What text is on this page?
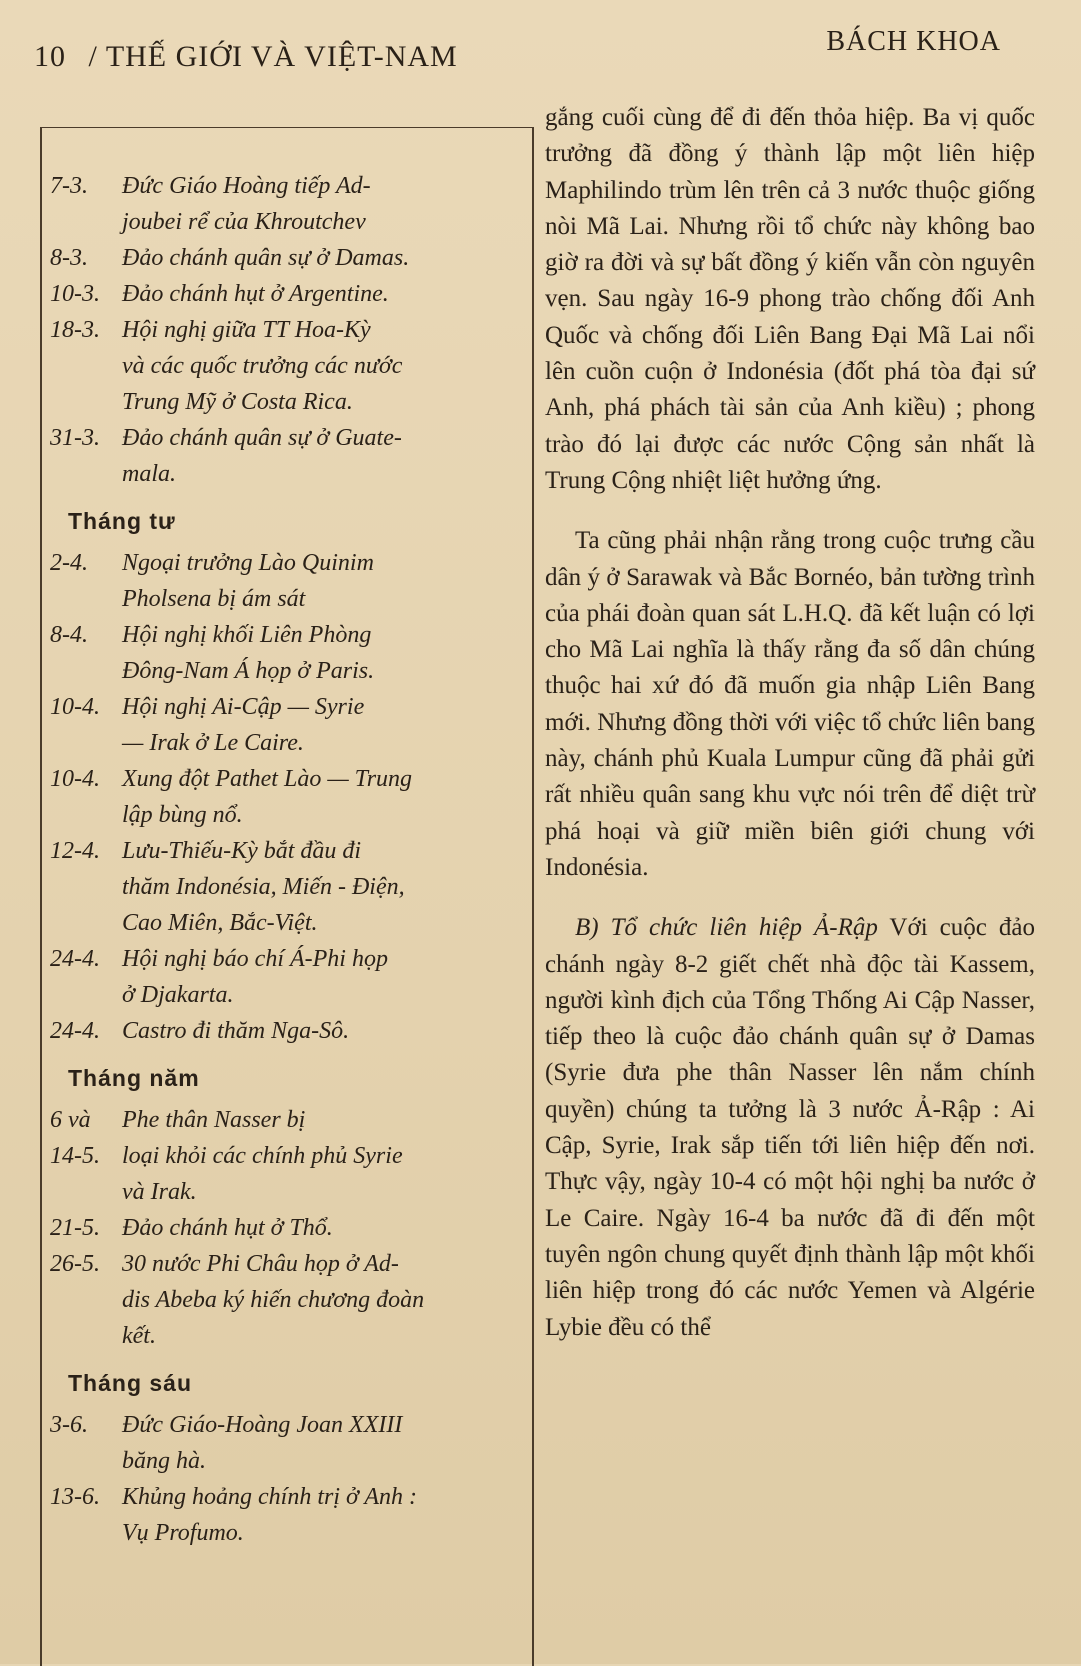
10 / THẾ GIỚI VÀ VIỆT-NAM	BÁCH KHOA
7-3. Đức Giáo Hoàng tiếp Ad-
joubei rể của Khroutchev
8-3. Đảo chánh quân sự ở Damas.
10-3. Đảo chánh hụt ở Argentine.
18-3. Hội nghị giữa TT Hoa-Kỳ
và các quốc trưởng các nước
Trung Mỹ ở Costa Rica.
31-3. Đảo chánh quân sự ở Guate-
mala.
Tháng tư
2-4. Ngoại trưởng Lào Quinim
Pholsena bị ám sát
8-4. Hội nghị khối Liên Phòng
Đông-Nam Á họp ở Paris.
10-4. Hội nghị Ai-Cập — Syrie
— Irak ở Le Caire.
10-4. Xung đột Pathet Lào — Trung
lập bùng nổ.
12-4. Lưu-Thiếu-Kỳ bắt đầu đi
thăm Indonésia, Miến - Điện,
Cao Miên, Bắc-Việt.
24-4. Hội nghị báo chí Á-Phi họp
ở Djakarta.
24-4. Castro đi thăm Nga-Sô.
Tháng năm
6 và 14-5.
Phe thân Nasser bị
loại khỏi các chính phủ Syrie
và Irak.
21-5. Đảo chánh hụt ở Thổ.
26-5. 30 nước Phi Châu họp ở Ad-
dis Abeba ký hiến chương đoàn
kết.
Tháng sáu
3-6. Đức Giáo-Hoàng Joan XXIII
băng hà.
13-6. Khủng hoảng chính trị ở Anh :
Vụ Profumo.

gắng cuối cùng để đi đến thỏa hiệp. Ba vị quốc trưởng đã đồng ý thành lập một liên hiệp Maphilindo trùm lên trên cả 3 nước thuộc giống nòi Mã Lai. Nhưng rồi tổ chức này không bao giờ ra đời và sự bất đồng ý kiến vẫn còn nguyên vẹn. Sau ngày 16-9 phong trào chống đối Anh Quốc và chống đối Liên Bang Đại Mã Lai nổi lên cuồn cuộn ở Indonésia (đốt phá tòa đại sứ Anh, phá phách tài sản của Anh kiều) ; phong trào đó lại được các nước Cộng sản nhất là Trung Cộng nhiệt liệt hưởng ứng.

Ta cũng phải nhận rằng trong cuộc trưng cầu dân ý ở Sarawak và Bắc Bornéo, bản tường trình của phái đoàn quan sát L.H.Q. đã kết luận có lợi cho Mã Lai nghĩa là thấy rằng đa số dân chúng thuộc hai xứ đó đã muốn gia nhập Liên Bang mới. Nhưng đồng thời với việc tổ chức liên bang này, chánh phủ Kuala Lumpur cũng đã phải gửi rất nhiều quân sang khu vực nói trên để diệt trừ phá hoại và giữ miền biên giới chung với Indonésia.

B) Tổ chức liên hiệp Ả-Rập Với cuộc đảo chánh ngày 8-2 giết chết nhà độc tài Kassem, người kình địch của Tổng Thống Ai Cập Nasser, tiếp theo là cuộc đảo chánh quân sự ở Damas (Syrie đưa phe thân Nasser lên nắm chính quyền) chúng ta tưởng là 3 nước Ả-Rập : Ai Cập, Syrie, Irak sắp tiến tới liên hiệp đến nơi. Thực vậy, ngày 10-4 có một hội nghị ba nước ở Le Caire. Ngày 16-4 ba nước đã đi đến một tuyên ngôn chung quyết định thành lập một khối liên hiệp trong đó các nước Yemen và Algérie Lybie đều có thể
